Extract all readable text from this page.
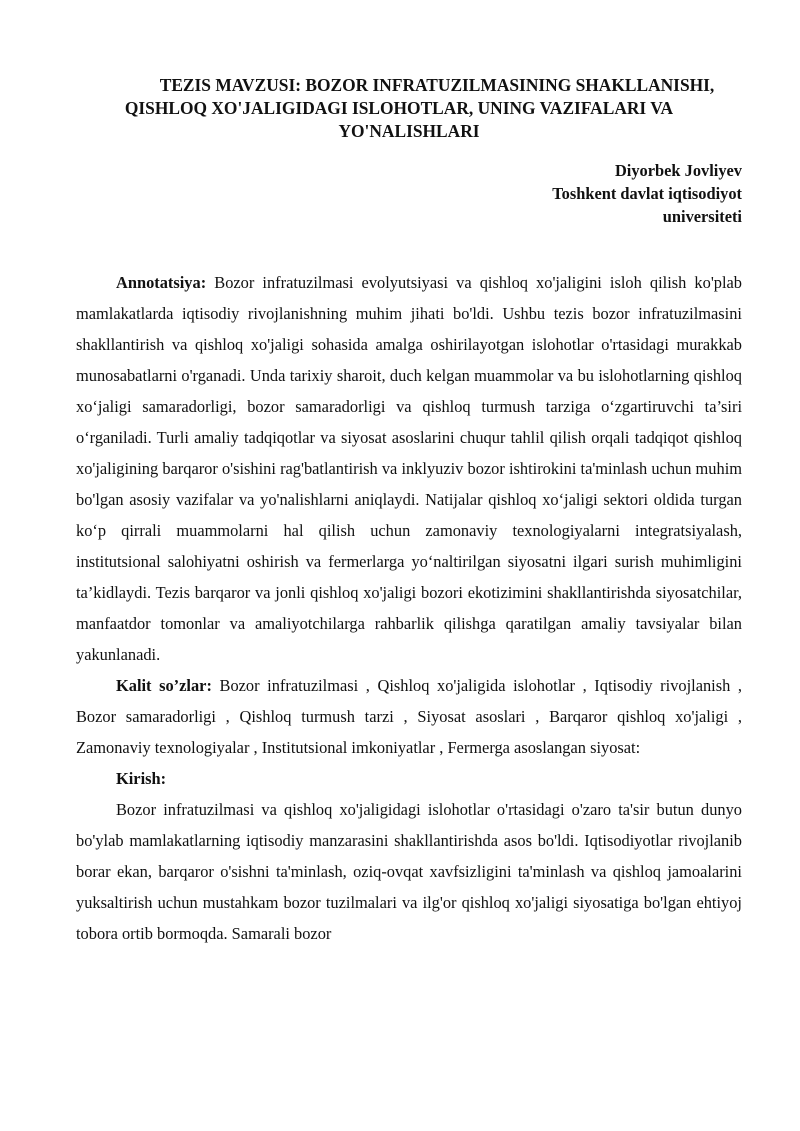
TEZIS MAVZUSI: BOZOR INFRATUZILMASINING SHAKLLANISHI,
QISHLOQ XO'JALIGIDAGI ISLOHOTLAR, UNING VAZIFALARI VA
YO'NALISHLARI
Diyorbek Jovliyev
Toshkent davlat iqtisodiyot
universiteti

Annotatsiya: Bozor infratuzilmasi evolyutsiyasi va qishloq xo'jaligini isloh qilish ko'plab mamlakatlarda iqtisodiy rivojlanishning muhim jihati bo'ldi. Ushbu tezis bozor infratuzilmasini shakllantirish va qishloq xo'jaligi sohasida amalga oshirilayotgan islohotlar o'rtasidagi murakkab munosabatlarni o'rganadi. Unda tarixiy sharoit, duch kelgan muammolar va bu islohotlarning qishloq xo‘jaligi samaradorligi, bozor samaradorligi va qishloq turmush tarziga o‘zgartiruvchi ta’siri o‘rganiladi. Turli amaliy tadqiqotlar va siyosat asoslarini chuqur tahlil qilish orqali tadqiqot qishloq xo'jaligining barqaror o'sishini rag'batlantirish va inklyuziv bozor ishtirokini ta'minlash uchun muhim bo'lgan asosiy vazifalar va yo'nalishlarni aniqlaydi. Natijalar qishloq xo‘jaligi sektori oldida turgan ko‘p qirrali muammolarni hal qilish uchun zamonaviy texnologiyalarni integratsiyalash, institutsional salohiyatni oshirish va fermerlarga yo‘naltirilgan siyosatni ilgari surish muhimligini ta’kidlaydi. Tezis barqaror va jonli qishloq xo'jaligi bozori ekotizimini shakllantirishda siyosatchilar, manfaatdor tomonlar va amaliyotchilarga rahbarlik qilishga qaratilgan amaliy tavsiyalar bilan yakunlanadi.

Kalit so’zlar: Bozor infratuzilmasi , Qishloq xo'jaligida islohotlar , Iqtisodiy rivojlanish , Bozor samaradorligi , Qishloq turmush tarzi , Siyosat asoslari , Barqaror qishloq xo'jaligi , Zamonaviy texnologiyalar , Institutsional imkoniyatlar , Fermerga asoslangan siyosat:

Kirish:

Bozor infratuzilmasi va qishloq xo'jaligidagi islohotlar o'rtasidagi o'zaro ta'sir butun dunyo bo'ylab mamlakatlarning iqtisodiy manzarasini shakllantirishda asos bo'ldi. Iqtisodiyotlar rivojlanib borar ekan, barqaror o'sishni ta'minlash, oziq-ovqat xavfsizligini ta'minlash va qishloq jamoalarini yuksaltirish uchun mustahkam bozor tuzilmalari va ilg'or qishloq xo'jaligi siyosatiga bo'lgan ehtiyoj tobora ortib bormoqda. Samarali bozor
